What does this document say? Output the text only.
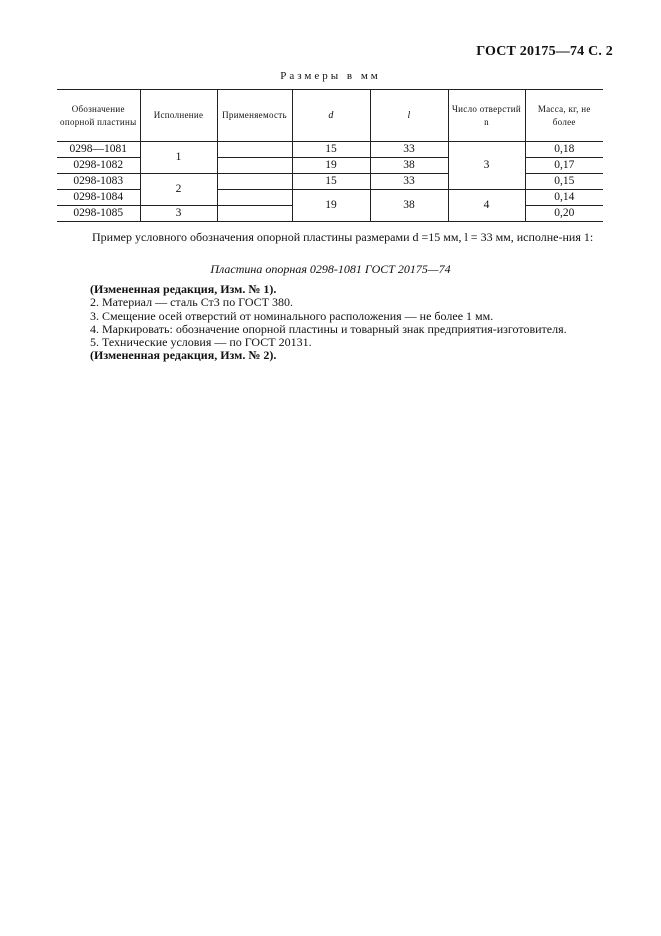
ГОСТ 20175—74 С. 2
Размеры в мм
Обозначение опорной пластины	Исполнение	Применяемость	d	l	Число отверстий n	Масса, кг, не более
0298—1081	1		15	33	3	0,18
0298-1082			19	38		0,17
0298-1083	2		15	33		0,15
0298-1084			19	38	4	0,14
0298-1085	3					0,20

Пример условного обозначения опорной пластины размерами d =15 мм, l = 33 мм, исполне-ния 1:

Пластина опорная 0298-1081 ГОСТ 20175—74
(Измененная редакция, Изм. № 1).
2. Материал — сталь Ст3 по ГОСТ 380.
3. Смещение осей отверстий от номинального расположения — не более 1 мм.
4. Маркировать: обозначение опорной пластины и товарный знак предприятия-изготовителя.
5. Технические условия — по ГОСТ 20131.
(Измененная редакция, Изм. № 2).
